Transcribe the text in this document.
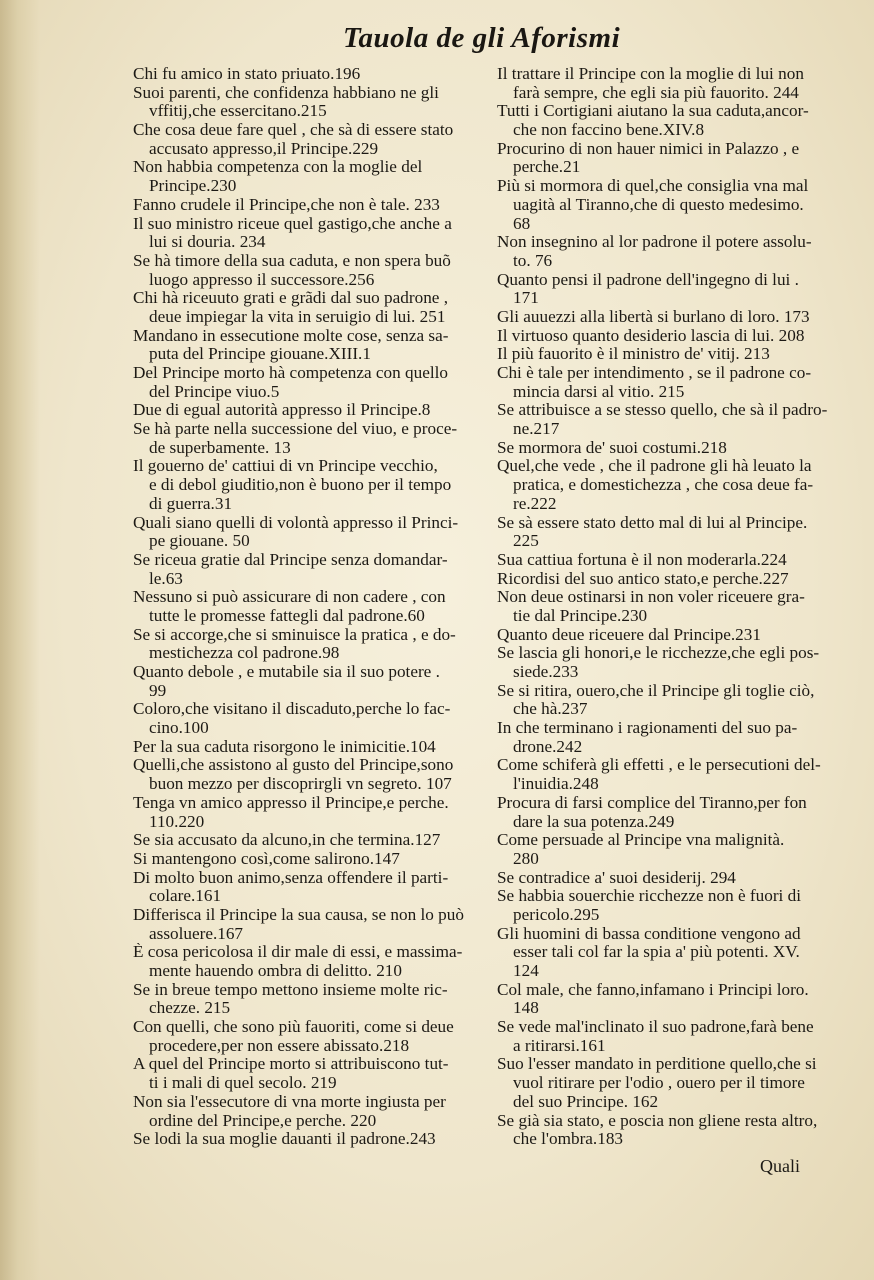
Tauola de gli Aforismi
Chi fu amico in stato priuato.196
Suoi parenti, che confidenza habbiano ne gli
vffitij,che essercitano.215
Che cosa deue fare quel , che sà di essere stato
accusato appresso,il Principe.229
Non habbia competenza con la moglie del
Principe.230
Fanno crudele il Principe,che non è tale. 233
Il suo ministro riceue quel gastigo,che anche a
lui si douria. 234
Se hà timore della sua caduta, e non spera buõ
luogo appresso il successore.256
Chi hà riceuuto grati e grãdi dal suo padrone ,
deue impiegar la vita in seruigio di lui. 251
Mandano in essecutione molte cose, senza sa-
puta del Principe giouane.XIII.1
Del Principe morto hà competenza con quello
del Principe viuo.5
Due di egual autorità appresso il Principe.8
Se hà parte nella successione del viuo, e proce-
de superbamente. 13
Il gouerno de' cattiui di vn Principe vecchio,
e di debol giuditio,non è buono per il tempo
di guerra.31
Quali siano quelli di volontà appresso il Princi-
pe giouane. 50
Se riceua gratie dal Principe senza domandar-
le.63
Nessuno si può assicurare di non cadere , con
tutte le promesse fattegli dal padrone.60
Se si accorge,che si sminuisce la pratica , e do-
mestichezza col padrone.98
Quanto debole , e mutabile sia il suo potere .
99
Coloro,che visitano il discaduto,perche lo fac-
cino.100
Per la sua caduta risorgono le inimicitie.104
Quelli,che assistono al gusto del Principe,sono
buon mezzo per discoprirgli vn segreto. 107
Tenga vn amico appresso il Principe,e perche.
110.220
Se sia accusato da alcuno,in che termina.127
Si mantengono così,come salirono.147
Di molto buon animo,senza offendere il parti-
colare.161
Differisca il Principe la sua causa, se non lo può
assoluere.167
È cosa pericolosa il dir male di essi, e massima-
mente hauendo ombra di delitto. 210
Se in breue tempo mettono insieme molte ric-
chezze. 215
Con quelli, che sono più fauoriti, come si deue
procedere,per non essere abissato.218
A quel del Principe morto si attribuiscono tut-
ti i mali di quel secolo. 219
Non sia l'essecutore di vna morte ingiusta per
ordine del Principe,e perche. 220
Se lodi la sua moglie dauanti il padrone.243
Il trattare il Principe con la moglie di lui non
farà sempre, che egli sia più fauorito. 244
Tutti i Cortigiani aiutano la sua caduta,ancor-
che non faccino bene.XIV.8
Procurino di non hauer nimici in Palazzo , e
perche.21
Più si mormora di quel,che consiglia vna mal
uagità al Tiranno,che di questo medesimo.
68
Non insegnino al lor padrone il potere assolu-
to. 76
Quanto pensi il padrone dell'ingegno di lui .
171
Gli auuezzi alla libertà si burlano di loro. 173
Il virtuoso quanto desiderio lascia di lui. 208
Il più fauorito è il ministro de' vitij. 213
Chi è tale per intendimento , se il padrone co-
mincia darsi al vitio. 215
Se attribuisce a se stesso quello, che sà il padro-
ne.217
Se mormora de' suoi costumi.218
Quel,che vede , che il padrone gli hà leuato la
pratica, e domestichezza , che cosa deue fa-
re.222
Se sà essere stato detto mal di lui al Principe.
225
Sua cattiua fortuna è il non moderarla.224
Ricordisi del suo antico stato,e perche.227
Non deue ostinarsi in non voler riceuere gra-
tie dal Principe.230
Quanto deue riceuere dal Principe.231
Se lascia gli honori,e le ricchezze,che egli pos-
siede.233
Se si ritira, ouero,che il Principe gli toglie ciò,
che hà.237
In che terminano i ragionamenti del suo pa-
drone.242
Come schiferà gli effetti , e le persecutioni del-
l'inuidia.248
Procura di farsi complice del Tiranno,per fon
dare la sua potenza.249
Come persuade al Principe vna malignità.
280
Se contradice a' suoi desiderij. 294
Se habbia souerchie ricchezze non è fuori di
pericolo.295
Gli huomini di bassa conditione vengono ad
esser tali col far la spia a' più potenti. XV.
124
Col male, che fanno,infamano i Principi loro.
148
Se vede mal'inclinato il suo padrone,farà bene
a ritirarsi.161
Suo l'esser mandato in perditione quello,che si
vuol ritirare per l'odio , ouero per il timore
del suo Principe. 162
Se già sia stato, e poscia non gliene resta altro,
che l'ombra.183
Quali
